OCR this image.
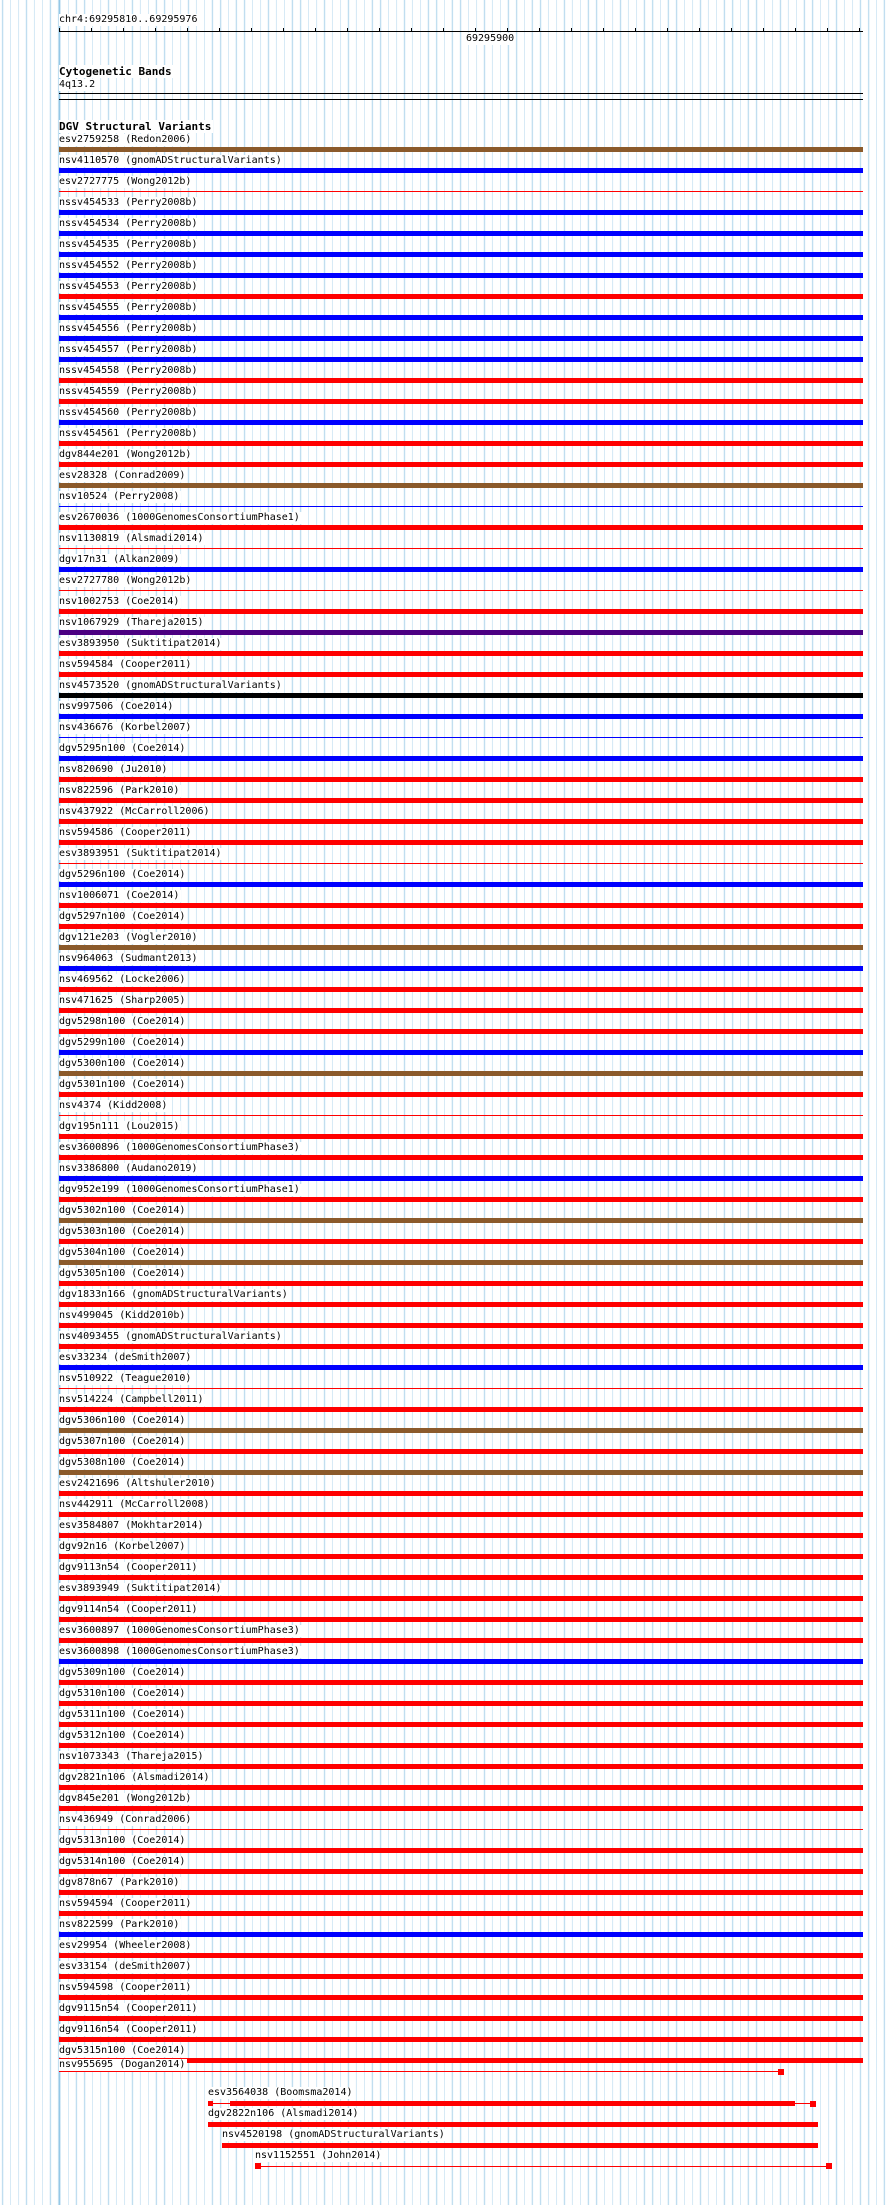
chr4:69295810..69295976
69295900
Cytogenetic Bands
4q13.2
DGV Structural Variants
esv2759258 (Redon2006)
nsv4110570 (gnomADStructuralVariants)
esv2727775 (Wong2012b)
nssv454533 (Perry2008b)
nssv454534 (Perry2008b)
nssv454535 (Perry2008b)
nssv454552 (Perry2008b)
nssv454553 (Perry2008b)
nssv454555 (Perry2008b)
nssv454556 (Perry2008b)
nssv454557 (Perry2008b)
nssv454558 (Perry2008b)
nssv454559 (Perry2008b)
nssv454560 (Perry2008b)
nssv454561 (Perry2008b)
dgv844e201 (Wong2012b)
esv28328 (Conrad2009)
nsv10524 (Perry2008)
esv2670036 (1000GenomesConsortiumPhase1)
nsv1130819 (Alsmadi2014)
dgv17n31 (Alkan2009)
esv2727780 (Wong2012b)
nsv1002753 (Coe2014)
nsv1067929 (Thareja2015)
esv3893950 (Suktitipat2014)
nsv594584 (Cooper2011)
nsv4573520 (gnomADStructuralVariants)
nsv997506 (Coe2014)
nsv436676 (Korbel2007)
dgv5295n100 (Coe2014)
nsv820690 (Ju2010)
nsv822596 (Park2010)
nsv437922 (McCarroll2006)
nsv594586 (Cooper2011)
esv3893951 (Suktitipat2014)
dgv5296n100 (Coe2014)
nsv1006071 (Coe2014)
dgv5297n100 (Coe2014)
dgv121e203 (Vogler2010)
nsv964063 (Sudmant2013)
nsv469562 (Locke2006)
nsv471625 (Sharp2005)
dgv5298n100 (Coe2014)
dgv5299n100 (Coe2014)
dgv5300n100 (Coe2014)
dgv5301n100 (Coe2014)
nsv4374 (Kidd2008)
dgv195n111 (Lou2015)
esv3600896 (1000GenomesConsortiumPhase3)
nsv3386800 (Audano2019)
dgv952e199 (1000GenomesConsortiumPhase1)
dgv5302n100 (Coe2014)
dgv5303n100 (Coe2014)
dgv5304n100 (Coe2014)
dgv5305n100 (Coe2014)
dgv1833n166 (gnomADStructuralVariants)
nsv499045 (Kidd2010b)
nsv4093455 (gnomADStructuralVariants)
esv33234 (deSmith2007)
nsv510922 (Teague2010)
nsv514224 (Campbell2011)
dgv5306n100 (Coe2014)
dgv5307n100 (Coe2014)
dgv5308n100 (Coe2014)
esv2421696 (Altshuler2010)
nsv442911 (McCarroll2008)
esv3584807 (Mokhtar2014)
dgv92n16 (Korbel2007)
dgv9113n54 (Cooper2011)
esv3893949 (Suktitipat2014)
dgv9114n54 (Cooper2011)
esv3600897 (1000GenomesConsortiumPhase3)
esv3600898 (1000GenomesConsortiumPhase3)
dgv5309n100 (Coe2014)
dgv5310n100 (Coe2014)
dgv5311n100 (Coe2014)
dgv5312n100 (Coe2014)
nsv1073343 (Thareja2015)
dgv2821n106 (Alsmadi2014)
dgv845e201 (Wong2012b)
nsv436949 (Conrad2006)
dgv5313n100 (Coe2014)
dgv5314n100 (Coe2014)
dgv878n67 (Park2010)
nsv594594 (Cooper2011)
nsv822599 (Park2010)
esv29954 (Wheeler2008)
esv33154 (deSmith2007)
nsv594598 (Cooper2011)
dgv9115n54 (Cooper2011)
dgv9116n54 (Cooper2011)
dgv5315n100 (Coe2014)
nsv955695 (Dogan2014)
esv3564038 (Boomsma2014)
dgv2822n106 (Alsmadi2014)
nsv4520198 (gnomADStructuralVariants)
nsv1152551 (John2014)
